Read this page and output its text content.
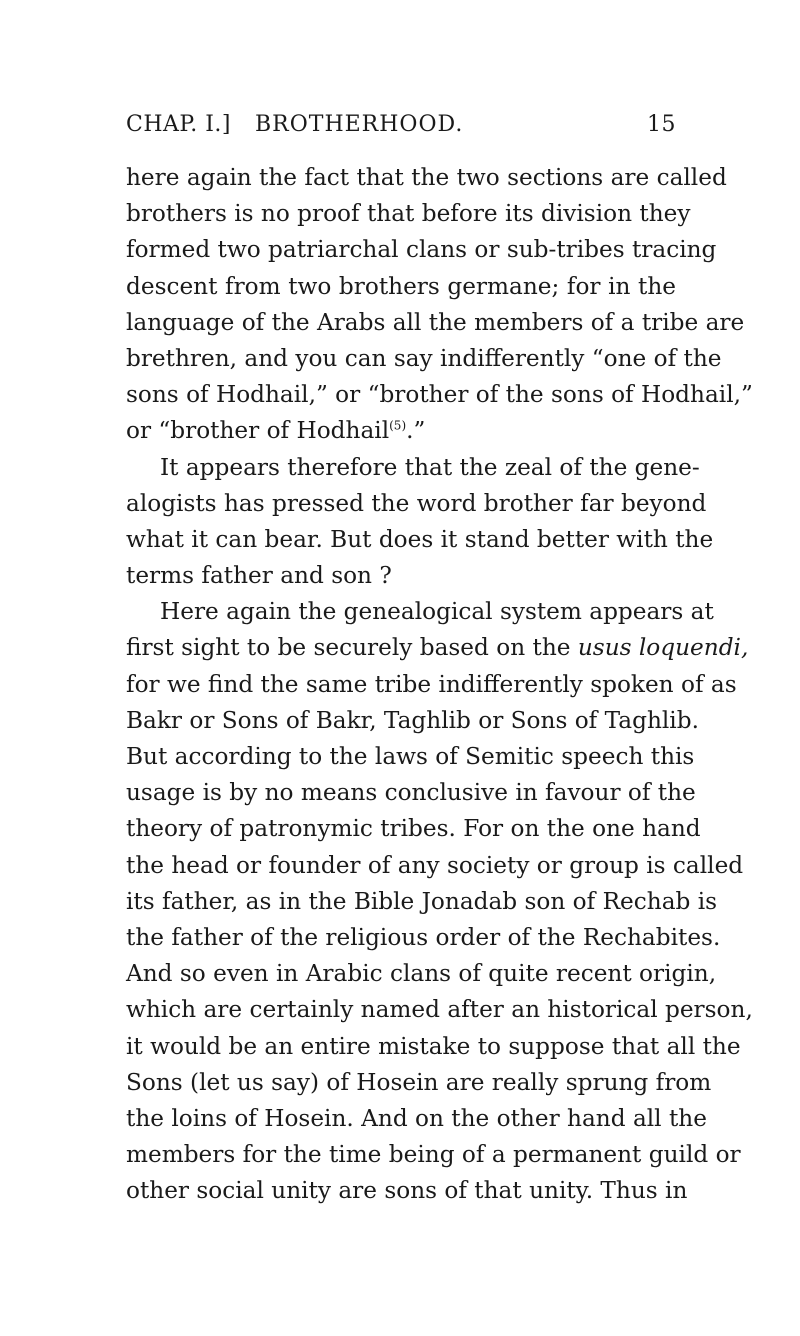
CHAP. I.] BROTHERHOOD.	15
here again the fact that the two sections are called
brothers is no proof that before its division they
formed two patriarchal clans or sub-tribes tracing
descent from two brothers germane; for in the
language of the Arabs all the members of a tribe are
brethren, and you can say indifferently “one of the
sons of Hodhail,” or “brother of the sons of Hodhail,”
or “brother of Hodhail$^{(5)}$.”
It appears therefore that the zeal of the gene-
alogists has pressed the word brother far beyond
what it can bear. But does it stand better with the
terms father and son ?
Here again the genealogical system appears at
first sight to be securely based on the usus loquendi,
for we find the same tribe indifferently spoken of as
Bakr or Sons of Bakr, Taghlib or Sons of Taghlib.
But according to the laws of Semitic speech this
usage is by no means conclusive in favour of the
theory of patronymic tribes. For on the one hand
the head or founder of any society or group is called
its father, as in the Bible Jonadab son of Rechab is
the father of the religious order of the Rechabites.
And so even in Arabic clans of quite recent origin,
which are certainly named after an historical person,
it would be an entire mistake to suppose that all the
Sons (let us say) of Hosein are really sprung from
the loins of Hosein. And on the other hand all the
members for the time being of a permanent guild or
other social unity are sons of that unity. Thus in
